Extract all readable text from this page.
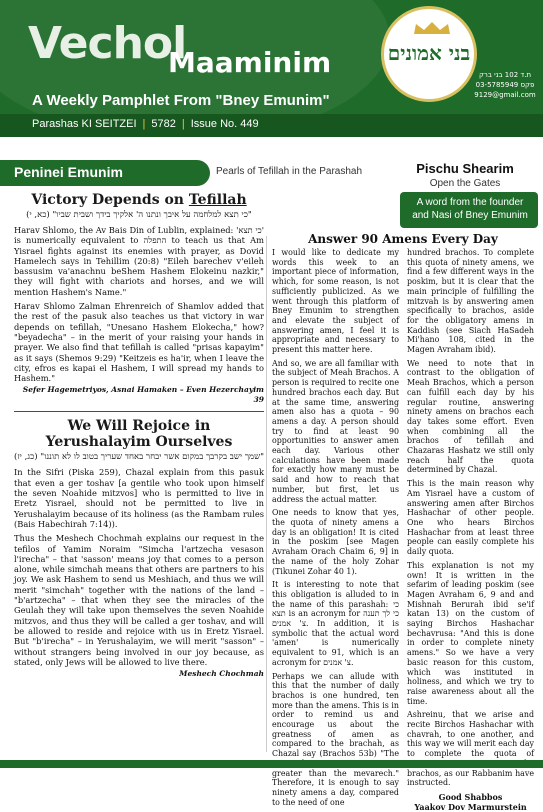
Vechol
Maaminim
A Weekly Pamphlet From "Bney Emunim"
Parashas KI SEITZEI | 5782 | Issue No. 449
בני אמונים
ת.ד 102 בני ברק
פקס 03-5785949
9129@gmail.com
Peninei Emunim	Pearls of Tefillah in the Parashah	Pischu Shearim
Open the Gates
A word from the founder and Nasi of Bney Emunim
Victory Depends on Tefillah
"כי תצא למלחמה על איבך ונתנו ה' אלקיך בידך ושבית שביו" (כא, י)
Harav Shlomo, the Av Bais Din of Lublin, explained: 'כי תצא' is numerically equivalent to התפלה to teach us that Am Yisrael fights against its enemies with prayer, as Dovid Hamelech says in Tehillim (20:8) "Eileh barechev v'eileh bassusim va'anachnu beShem Hashem Elokeinu nazkir," they will fight with chariots and horses, and we will mention Hashem's Name."
Harav Shlomo Zalman Ehrenreich of Shamlov added that the rest of the pasuk also teaches us that victory in war depends on tefillah, "Unesano Hashem Elokecha," how? "beyadecha" – in the merit of your raising your hands in prayer. We also find that tefillah is called "prisas kapayim" as it says (Shemos 9:29) "Keitzeis es ha'ir, when I leave the city, efros es kapai el Hashem, I will spread my hands to Hashem."
Sefer Hagemetriyos, Asnai Hamaken – Even Hezerchayim 39
We Will Rejoice in Yerushalayim Ourselves
"שמך ישב בקרבך במקום אשר יבחר באחד שעריך בטוב לו לא תוננו" (כג, יז)
In the Sifri (Piska 259), Chazal explain from this pasuk that even a ger toshav [a gentile who took upon himself the seven Noahide mitzvos] who is permitted to live in Eretz Yisrael, should not be permitted to live in Yerushalayim because of its holiness (as the Rambam rules (Bais Habechirah 7:14)).
Thus the Meshech Chochmah explains our request in the tefilos of Yamim Noraim "Simcha l'artzecha vesason l'irecha" – that 'sasson' means joy that comes to a person alone, while simchah means that others are partners to his joy. We ask Hashem to send us Meshiach, and thus we will merit "simchah" together with the nations of the land – "b'artzecha" – that when they see the miracles of the Geulah they will take upon themselves the seven Noahide mitzvos, and thus they will be called a ger toshav, and will be allowed to reside and rejoice with us in Eretz Yisrael. But "b'irecha" – in Yerushalayim, we will merit "sasson" – without strangers being involved in our joy because, as stated, only Jews will be allowed to live there.
Meshech Chochmah
Answer 90 Amens Every Day
I would like to dedicate my words this week to an important piece of information, which, for some reason, is not sufficiently publicized. As we went through this platform of Bney Emunim to strengthen and elevate the subject of answering amen, I feel it is appropriate and necessary to present this matter here.
And so, we are all familiar with the subject of Meah Brachos. A person is required to recite one hundred brachos each day. But at the same time, answering amen also has a quota – 90 amens a day. A person should try to find at least 90 opportunities to answer amen each day. Various other calculations have been made for exactly how many must be said and how to reach that number, but first, let us address the actual matter.
One needs to know that yes, the quota of ninety amens a day is an obligation! It is cited in the poskim [see Magen Avraham Orach Chaim 6, 9] in the name of the holy Zohar (Tikunei Zohar 40 1).
It is interesting to note that this obligation is alluded to in the name of this parashah: כי תצא is an acronym for כי לך תענה צ' אמנים. In addition, it is symbolic that the actual word 'amen' is numerically equivalent to 91, which is an acronym for צ' אמנים.
Perhaps we can allude with this that the number of daily brachos is one hundred, ten more than the amens. This is in order to remind us and encourage us about the greatness of amen as compared to the brachah, as Chazal say (Brachos 53b) "The greater than the mevarech." Therefore, it is enough to say ninety amens a day, compared to the need of one
hundred brachos. To complete this quota of ninety amens, we find a few different ways in the poskim, but it is clear that the main principle of fulfilling the mitzvah is by answering amen specifically to brachos, aside for the obligatory amens in Kaddish (see Siach HaSadeh Mi'hano 108, cited in the Magen Avraham ibid).
We need to note that in contrast to the obligation of Meah Brachos, which a person can fulfill each day by his regular routine, answering ninety amens on brachos each day takes some effort. Even when combining all the brachos of tefillah and Chazaras Hashatz we still only reach half the quota determined by Chazal.
This is the main reason why Am Yisrael have a custom of answering amen after Birchos Hashachar of other people. One who hears Birchos Hashachar from at least three people can easily complete his daily quota.
This explanation is not my own! It is written in the sefarim of leading poskim (see Magen Avraham 6, 9 and and Mishnah Berurah ibid se'if katan 13) on the custom of saying Birchos Hashachar bechavrusa: "And this is done in order to complete ninety amens." So we have a very basic reason for this custom, which was instituted in holiness, and which we try to raise awareness about all the time.
Ashreinu, that we arise and recite Birchos Hashachar with chavrah, to one another, and this way we will merit each day to complete the quota of brachos, as our Rabbanim have instructed.
Good Shabbos
Yaakov Dov Marmurstein
